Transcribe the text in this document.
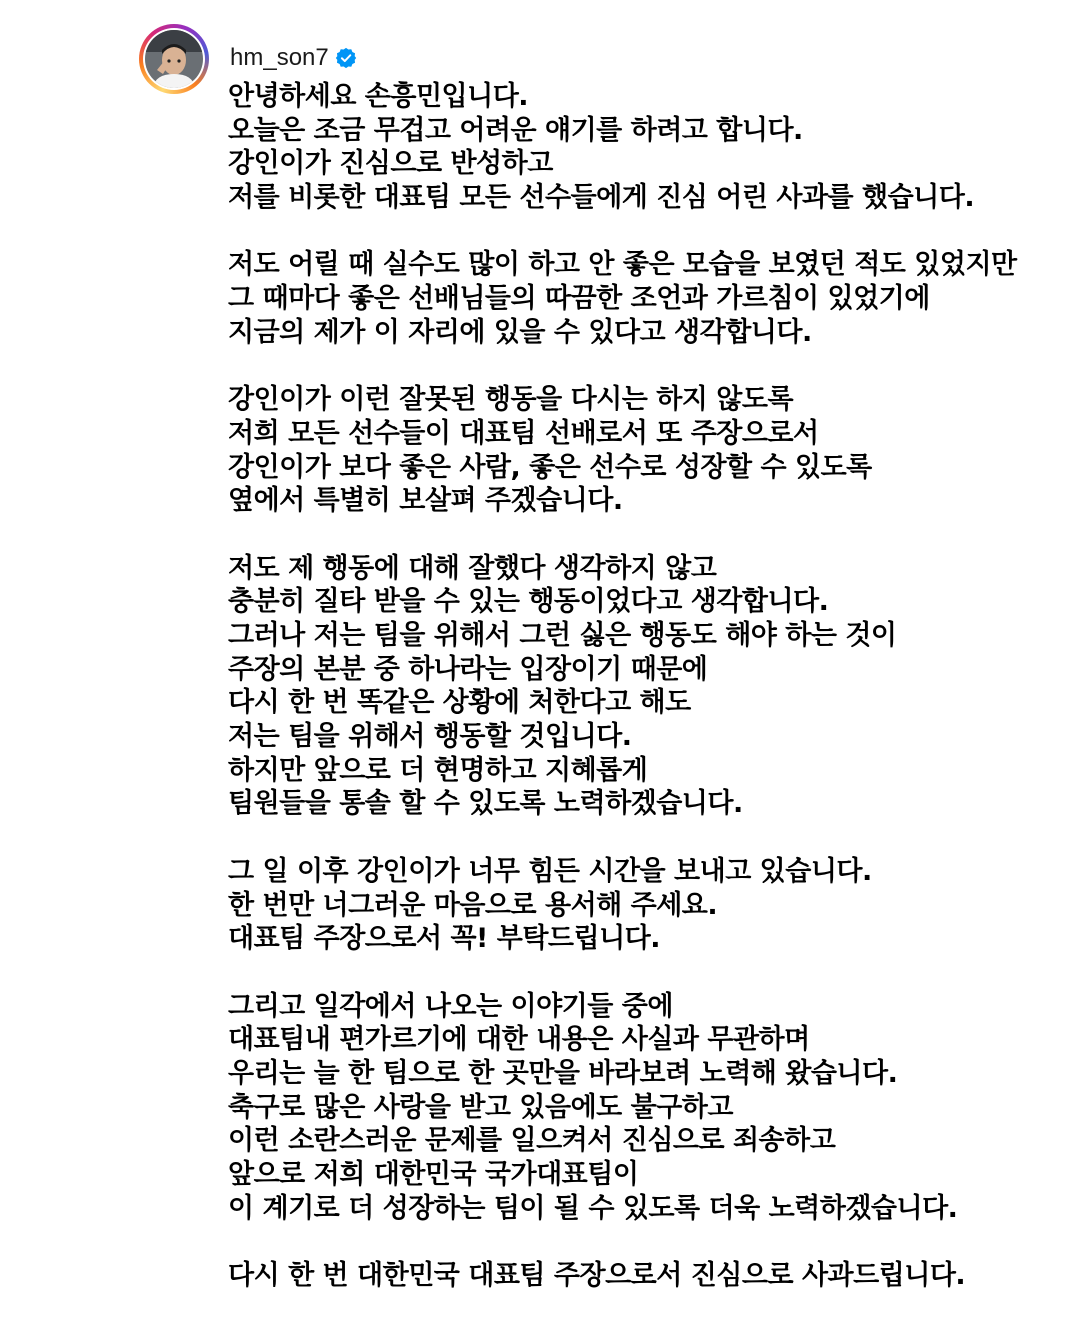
hm_son7
안녕하세요 손흥민입니다.
오늘은 조금 무겁고 어려운 얘기를 하려고 합니다.
강인이가 진심으로 반성하고
저를 비롯한 대표팀 모든 선수들에게 진심 어린 사과를 했습니다.
저도 어릴 때 실수도 많이 하고 안 좋은 모습을 보였던 적도 있었지만
그 때마다 좋은 선배님들의 따끔한 조언과 가르침이 있었기에
지금의 제가 이 자리에 있을 수 있다고 생각합니다.
강인이가 이런 잘못된 행동을 다시는 하지 않도록
저희 모든 선수들이 대표팀 선배로서 또 주장으로서
강인이가 보다 좋은 사람, 좋은 선수로 성장할 수 있도록
옆에서 특별히 보살펴 주겠습니다.
저도 제 행동에 대해 잘했다 생각하지 않고
충분히 질타 받을 수 있는 행동이었다고 생각합니다.
그러나 저는 팀을 위해서 그런 싫은 행동도 해야 하는 것이
주장의 본분 중 하나라는 입장이기 때문에
다시 한 번 똑같은 상황에 처한다고 해도
저는 팀을 위해서 행동할 것입니다.
하지만 앞으로 더 현명하고 지혜롭게
팀원들을 통솔 할 수 있도록 노력하겠습니다.
그 일 이후 강인이가 너무 힘든 시간을 보내고 있습니다.
한 번만 너그러운 마음으로 용서해 주세요.
대표팀 주장으로서 꼭! 부탁드립니다.
그리고 일각에서 나오는 이야기들 중에
대표팀내 편가르기에 대한 내용은 사실과 무관하며
우리는 늘 한 팀으로 한 곳만을 바라보려 노력해 왔습니다.
축구로 많은 사랑을 받고 있음에도 불구하고
이런 소란스러운 문제를 일으켜서 진심으로 죄송하고
앞으로 저희 대한민국 국가대표팀이
이 계기로 더 성장하는 팀이 될 수 있도록 더욱 노력하겠습니다.
다시 한 번 대한민국 대표팀 주장으로서 진심으로 사과드립니다.
